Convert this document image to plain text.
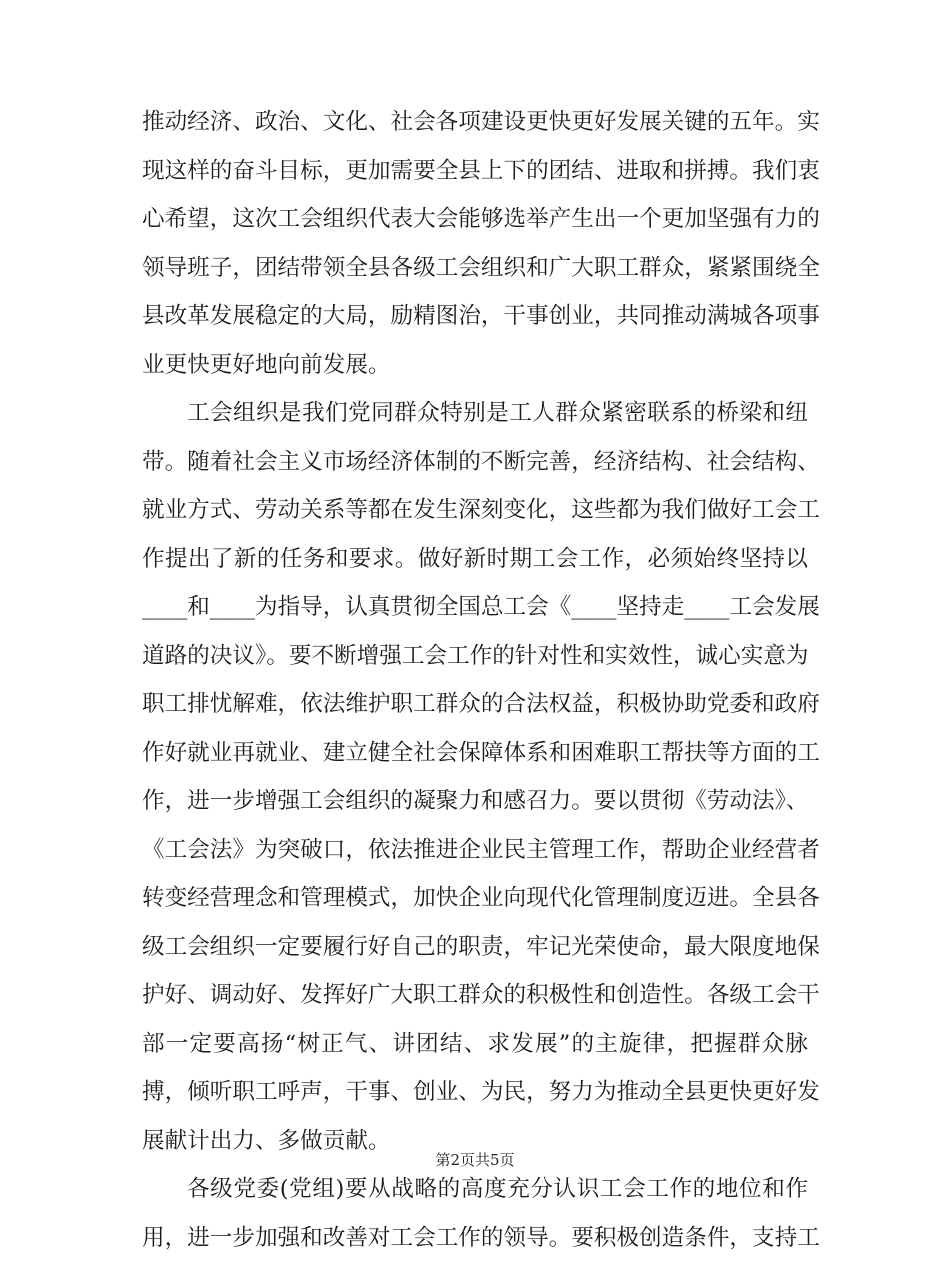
推动经济、政治、文化、社会各项建设更快更好发展关键的五年。实
现这样的奋斗目标，更加需要全县上下的团结、进取和拼搏。我们衷
心希望，这次工会组织代表大会能够选举产生出一个更加坚强有力的
领导班子，团结带领全县各级工会组织和广大职工群众，紧紧围绕全
县改革发展稳定的大局，励精图治，干事创业，共同推动满城各项事
业更快更好地向前发展。
工会组织是我们党同群众特别是工人群众紧密联系的桥梁和纽
带。随着社会主义市场经济体制的不断完善，经济结构、社会结构、
就业方式、劳动关系等都在发生深刻变化，这些都为我们做好工会工
作提出了新的任务和要求。做好新时期工会工作，必须始终坚持以
____和____为指导，认真贯彻全国总工会《____坚持走____工会发展
道路的决议》。要不断增强工会工作的针对性和实效性，诚心实意为
职工排忧解难，依法维护职工群众的合法权益，积极协助党委和政府
作好就业再就业、建立健全社会保障体系和困难职工帮扶等方面的工
作，进一步增强工会组织的凝聚力和感召力。要以贯彻《劳动法》、
《工会法》为突破口，依法推进企业民主管理工作，帮助企业经营者
转变经营理念和管理模式，加快企业向现代化管理制度迈进。全县各
级工会组织一定要履行好自己的职责，牢记光荣使命，最大限度地保
护好、调动好、发挥好广大职工群众的积极性和创造性。各级工会干
部一定要高扬“树正气、讲团结、求发展”的主旋律，把握群众脉
搏，倾听职工呼声，干事、创业、为民，努力为推动全县更快更好发
展献计出力、多做贡献。
各级党委(党组)要从战略的高度充分认识工会工作的地位和作
用，进一步加强和改善对工会工作的领导。要积极创造条件，支持工
第2页共5页
